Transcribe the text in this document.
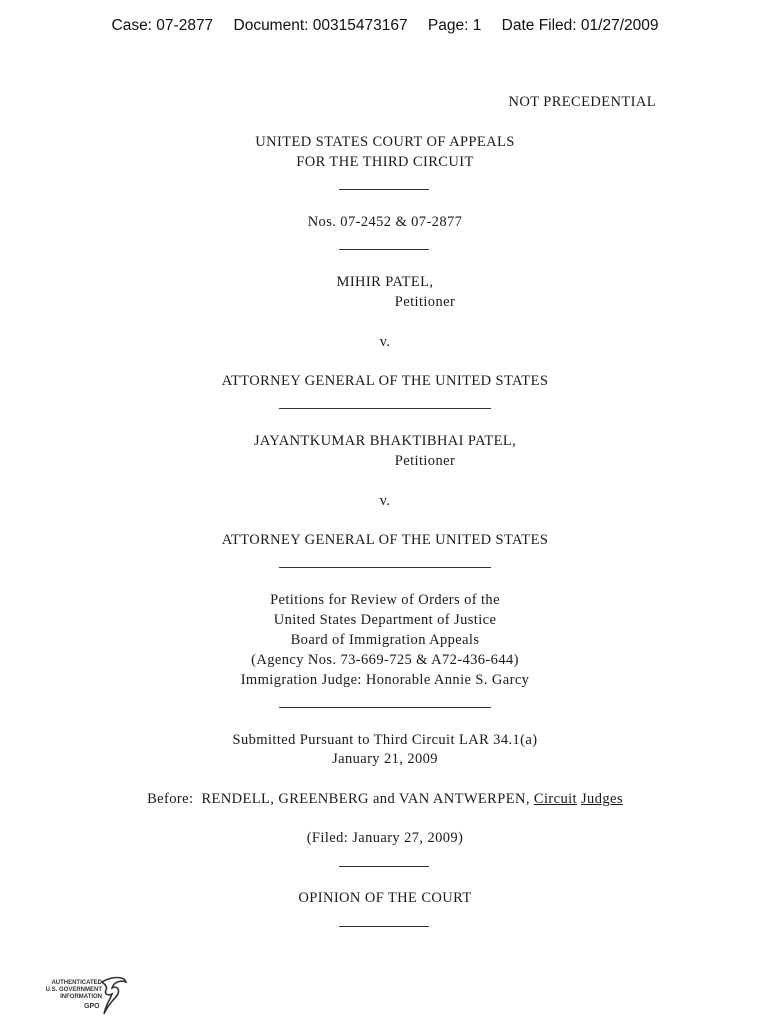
Case: 07-2877 Document: 00315473167 Page: 1 Date Filed: 01/27/2009
NOT PRECEDENTIAL
UNITED STATES COURT OF APPEALS
FOR THE THIRD CIRCUIT
Nos. 07-2452 & 07-2877
MIHIR PATEL,
Petitioner
v.
ATTORNEY GENERAL OF THE UNITED STATES
JAYANTKUMAR BHAKTIBHAI PATEL,
Petitioner
v.
ATTORNEY GENERAL OF THE UNITED STATES
Petitions for Review of Orders of the
United States Department of Justice
Board of Immigration Appeals
(Agency Nos. 73-669-725 & A72-436-644)
Immigration Judge: Honorable Annie S. Garcy
Submitted Pursuant to Third Circuit LAR 34.1(a)
January 21, 2009
Before:  RENDELL, GREENBERG and VAN ANTWERPEN, Circuit Judges
(Filed: January 27, 2009)
OPINION OF THE COURT
AUTHENTICATED
U.S. GOVERNMENT
INFORMATION
GPO
